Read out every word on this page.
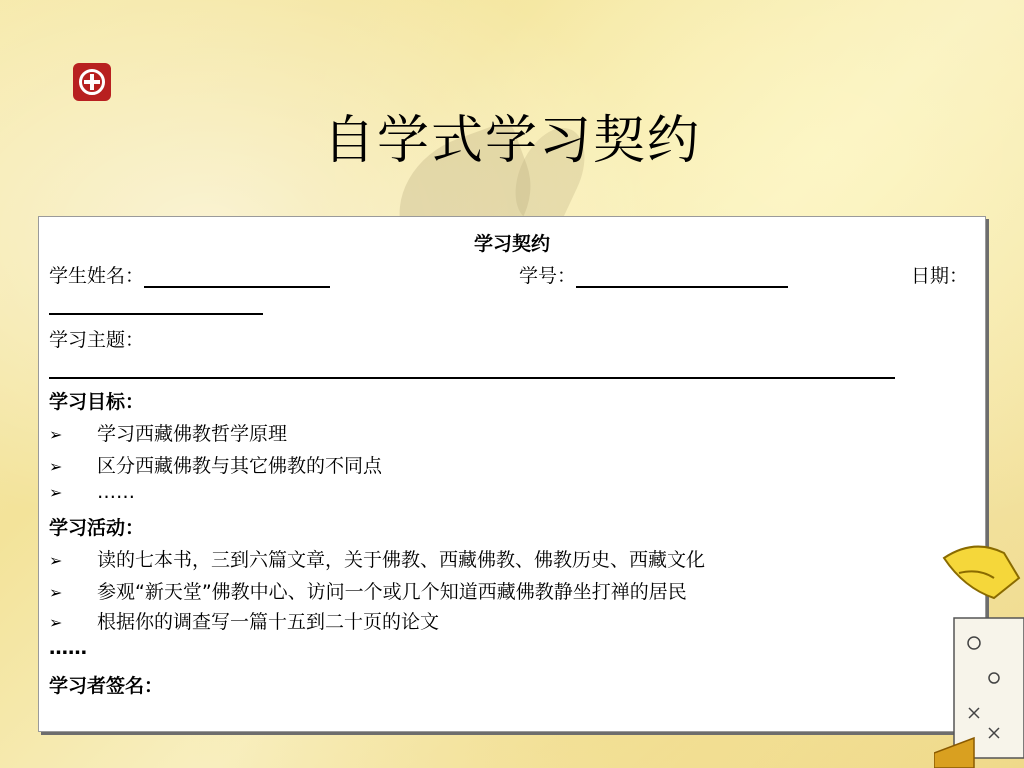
自学式学习契约
学习契约
学生姓名：	学号：	日期：
学习主题：
学习目标：
➢ 学习西藏佛教哲学原理
➢ 区分西藏佛教与其它佛教的不同点
➢ ……
学习活动：
➢ 读的七本书，三到六篇文章，关于佛教、西藏佛教、佛教历史、西藏文化
➢ 参观“新天堂”佛教中心、访问一个或几个知道西藏佛教静坐打禅的居民
➢ 根据你的调查写一篇十五到二十页的论文
……
学习者签名：
